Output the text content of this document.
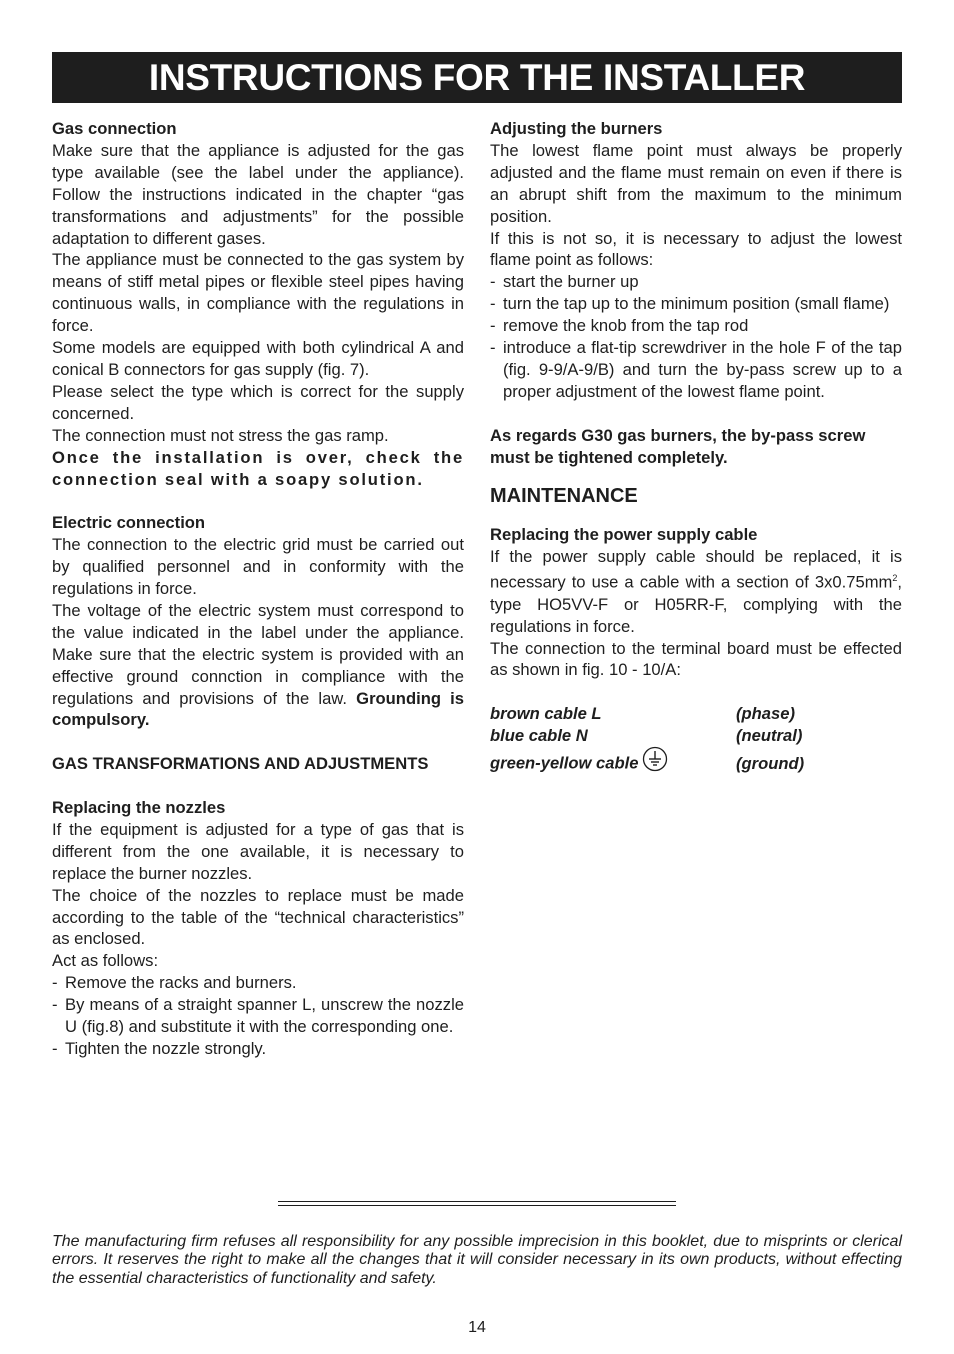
INSTRUCTIONS FOR THE INSTALLER
Gas connection

Make sure that the appliance is adjusted for the gas type available (see the label under the appliance). Follow the instructions indicated in the chapter “gas transformations and adjustments” for the possible adaptation to different gases.

The appliance must be connected to the gas system by means of stiff metal pipes or flexible steel pipes having continuous walls, in compliance with the regulations in force.

Some models are equipped with both cylindrical A and conical B connectors for gas supply (fig. 7).

Please select the type which is correct for the supply concerned.

The connection must not stress the gas ramp.

Once the installation is over, check the connection seal with a soapy solution.

Electric connection

The connection to the electric grid must be carried out by qualified personnel and in conformity with the regulations in force.

The voltage of the electric system must correspond to the value indicated in the label under the appliance. Make sure that the electric system is provided with an effective ground connction in compliance with the regulations and provisions of the law. Grounding is compulsory.

GAS TRANSFORMATIONS AND ADJUSTMENTS
Replacing the nozzles

If the equipment is adjusted for a type of gas that is different from the one available, it is necessary to replace the burner nozzles.

The choice of the nozzles to replace must be made according to the table of the “technical characteristics” as enclosed.

Act as follows:

- Remove the racks and burners.
- By means of a straight spanner L, unscrew the nozzle U (fig.8) and substitute it with the corresponding one.
- Tighten the nozzle strongly.
Adjusting the burners

The lowest flame point must always be properly adjusted and the flame must remain on even if there is an abrupt shift from the maximum to the minimum position.

If this is not so, it is necessary to adjust the lowest flame point as follows:

- start the burner up
- turn the tap up to the minimum position (small flame)
- remove the knob from the tap rod
- introduce a flat-tip screwdriver in the hole F of the tap (fig. 9-9/A-9/B) and turn the by-pass screw up to a proper adjustment of the lowest flame point.

As regards G30 gas burners, the by-pass screw must be tightened completely.

MAINTENANCE
Replacing the power supply cable

If the power supply cable should be replaced, it is necessary to use a cable with a section of $3x0.75mm^2$, type HO5VV-F or H05RR-F, complying with the regulations in force.

The connection to the terminal board must be effected as shown in fig. 10 - 10/A:

brown cable L	(phase)
blue cable N	(neutral)
green-yellow cable	(ground)
The manufacturing firm refuses all responsibility for any possible imprecision in this booklet, due to misprints or clerical errors. It reserves the right to make all the changes that it will consider necessary in its own products, without effecting the essential characteristics of functionality and safety.
14
